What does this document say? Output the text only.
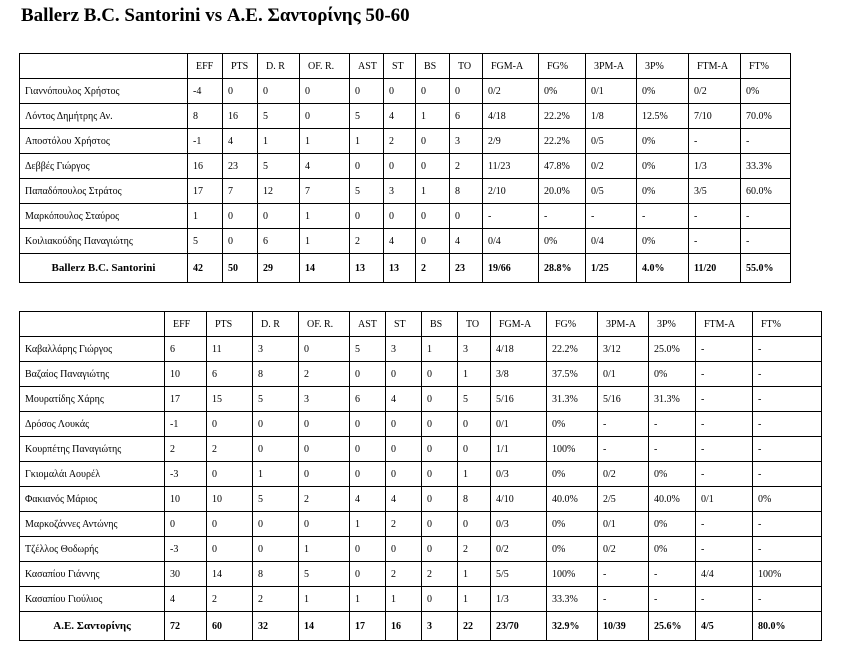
Ballerz B.C. Santorini vs Α.Ε. Σαντορίνης 50-60
	EFF	PTS	D. R	OF. R.	AST	ST	BS	TO	FGM-A	FG%	3PM-A	3P%	FTM-A	FT%
Γιαννόπουλος Χρήστος	-4	0	0	0	0	0	0	0	0/2	0%	0/1	0%	0/2	0%
Λόντος Δημήτρης Αν.	8	16	5	0	5	4	1	6	4/18	22.2%	1/8	12.5%	7/10	70.0%
Αποστόλου Χρήστος	-1	4	1	1	1	2	0	3	2/9	22.2%	0/5	0%	-	-
Δεββές Γιώργος	16	23	5	4	0	0	0	2	11/23	47.8%	0/2	0%	1/3	33.3%
Παπαδόπουλος Στράτος	17	7	12	7	5	3	1	8	2/10	20.0%	0/5	0%	3/5	60.0%
Μαρκόπουλος Σταύρος	1	0	0	1	0	0	0	0	-	-	-	-	-	-
Κοιλιακούδης Παναγιώτης	5	0	6	1	2	4	0	4	0/4	0%	0/4	0%	-	-
Ballerz B.C. Santorini	42	50	29	14	13	13	2	23	19/66	28.8%	1/25	4.0%	11/20	55.0%
	EFF	PTS	D. R	OF. R.	AST	ST	BS	TO	FGM-A	FG%	3PM-A	3P%	FTM-A	FT%
Καβαλλάρης Γιώργος	6	11	3	0	5	3	1	3	4/18	22.2%	3/12	25.0%	-	-
Βαζαίος Παναγιώτης	10	6	8	2	0	0	0	1	3/8	37.5%	0/1	0%	-	-
Μουρατίδης Χάρης	17	15	5	3	6	4	0	5	5/16	31.3%	5/16	31.3%	-	-
Δρόσος Λουκάς	-1	0	0	0	0	0	0	0	0/1	0%	-	-	-	-
Κουρπέτης Παναγιώτης	2	2	0	0	0	0	0	0	1/1	100%	-	-	-	-
Γκιομαλάι Αουρέλ	-3	0	1	0	0	0	0	1	0/3	0%	0/2	0%	-	-
Φακιανός Μάριος	10	10	5	2	4	4	0	8	4/10	40.0%	2/5	40.0%	0/1	0%
Μαρκοζάννες Αντώνης	0	0	0	0	1	2	0	0	0/3	0%	0/1	0%	-	-
Τζέλλος Θοδωρής	-3	0	0	1	0	0	0	2	0/2	0%	0/2	0%	-	-
Κασαπίου Γιάννης	30	14	8	5	0	2	2	1	5/5	100%	-	-	4/4	100%
Κασαπίου Γιούλιος	4	2	2	1	1	1	0	1	1/3	33.3%	-	-	-	-
Α.Ε. Σαντορίνης	72	60	32	14	17	16	3	22	23/70	32.9%	10/39	25.6%	4/5	80.0%
